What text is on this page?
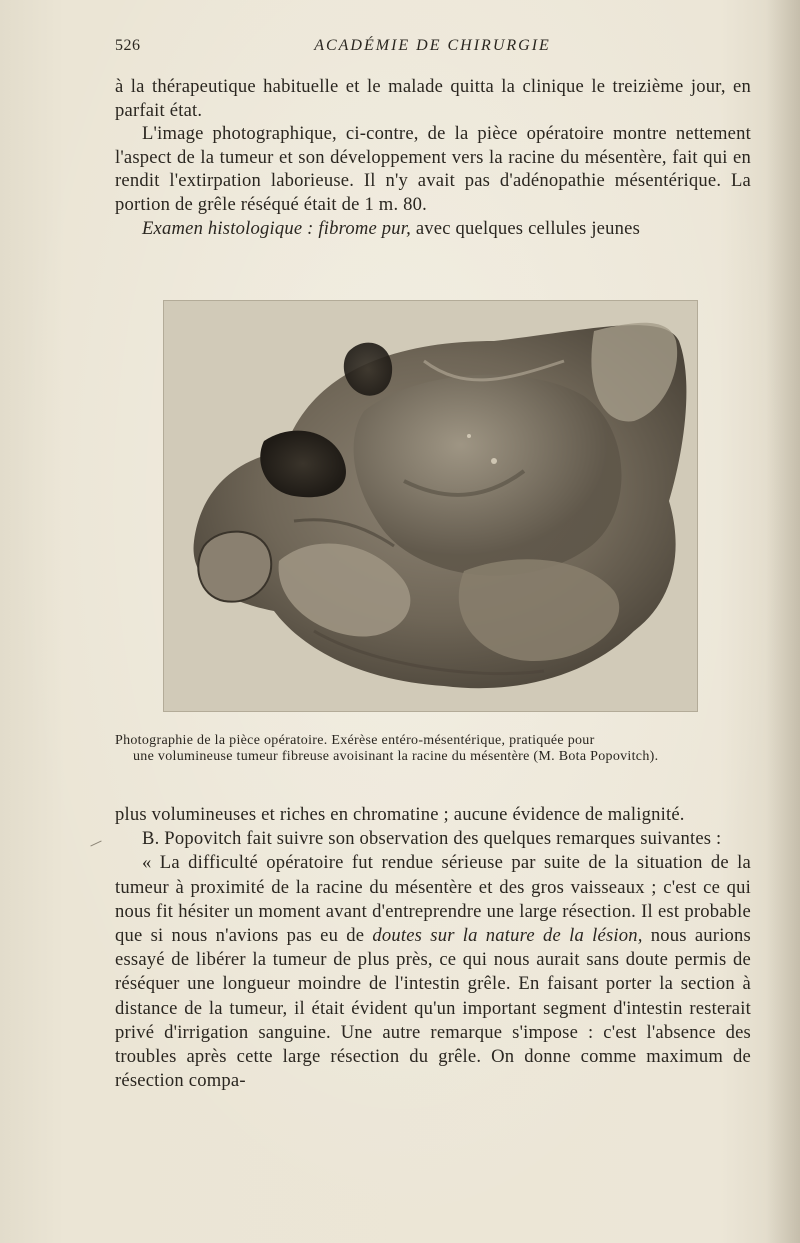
526	ACADÉMIE DE CHIRURGIE

à la thérapeutique habituelle et le malade quitta la clinique le treizième jour, en parfait état.

L'image photographique, ci-contre, de la pièce opératoire montre nettement l'aspect de la tumeur et son développement vers la racine du mésentère, fait qui en rendit l'extirpation laborieuse. Il n'y avait pas d'adénopathie mésentérique. La portion de grêle réséqué était de 1 m. 80.

Examen histologique : fibrome pur, avec quelques cellules jeunes

Photographie de la pièce opératoire. Exérèse entéro-mésentérique, pratiquée pour

une volumineuse tumeur fibreuse avoisinant la racine du mésentère (M. Bota Popovitch).

plus volumineuses et riches en chromatine ; aucune évidence de malignité.

B. Popovitch fait suivre son observation des quelques remarques suivantes :

« La difficulté opératoire fut rendue sérieuse par suite de la situation de la tumeur à proximité de la racine du mésentère et des gros vaisseaux ; c'est ce qui nous fit hésiter un moment avant d'entreprendre une large résection. Il est probable que si nous n'avions pas eu de doutes sur la nature de la lésion, nous aurions essayé de libérer la tumeur de plus près, ce qui nous aurait sans doute permis de réséquer une longueur moindre de l'intestin grêle. En faisant porter la section à distance de la tumeur, il était évident qu'un important segment d'intestin resterait privé d'irrigation sanguine. Une autre remarque s'impose : c'est l'absence des troubles après cette large résection du grêle. On donne comme maximum de résection compa-
